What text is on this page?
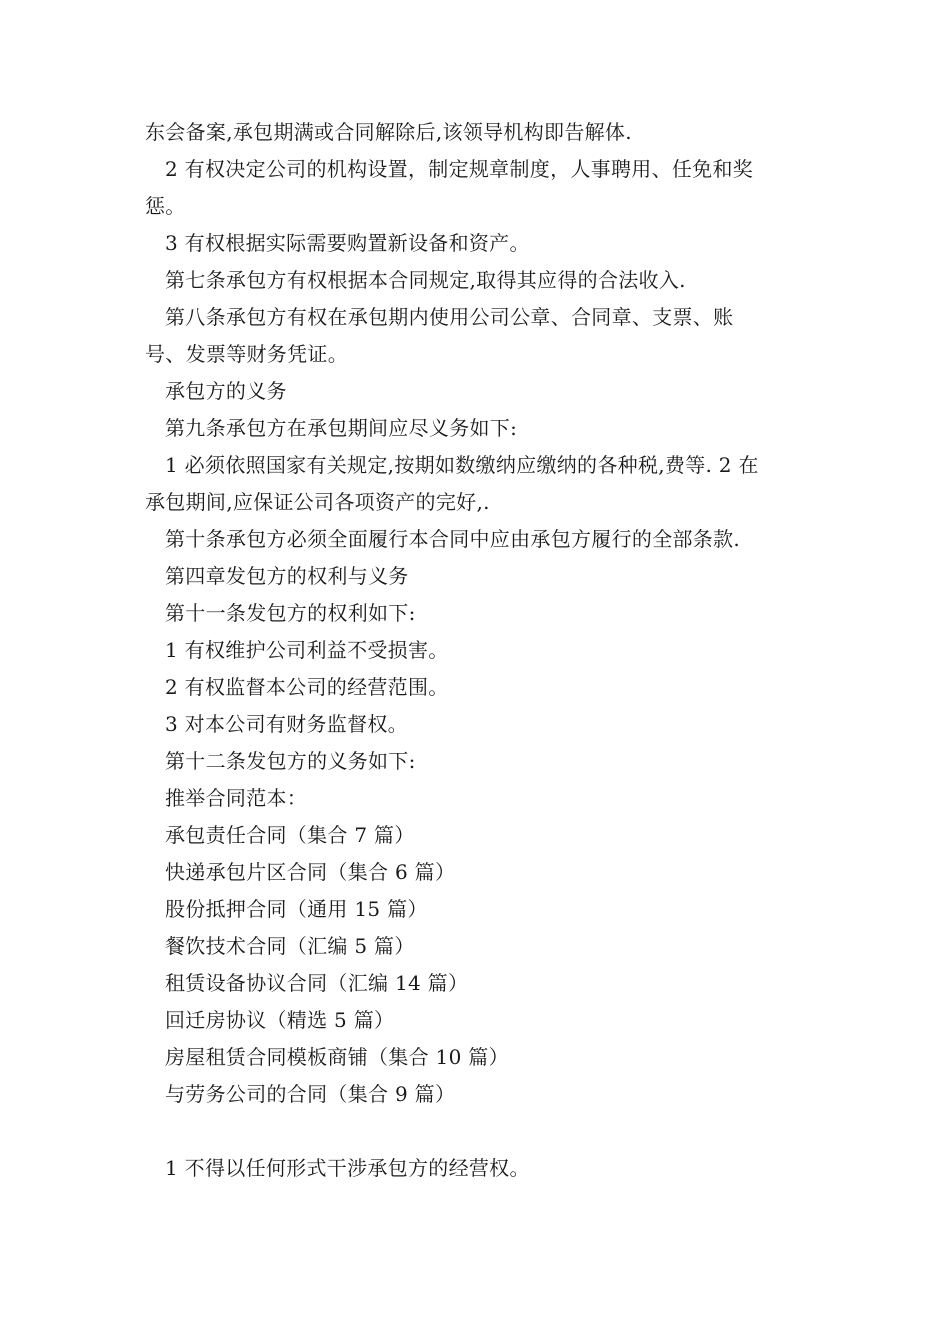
东会备案,承包期满或合同解除后,该领导机构即告解体.
2 有权决定公司的机构设置，制定规章制度，人事聘用、任免和奖
惩。
3 有权根据实际需要购置新设备和资产。
第七条承包方有权根据本合同规定,取得其应得的合法收入.
第八条承包方有权在承包期内使用公司公章、合同章、支票、账
号、发票等财务凭证。
承包方的义务
第九条承包方在承包期间应尽义务如下:
1 必须依照国家有关规定,按期如数缴纳应缴纳的各种税,费等. 2 在
承包期间,应保证公司各项资产的完好,.
第十条承包方必须全面履行本合同中应由承包方履行的全部条款.
第四章发包方的权利与义务
第十一条发包方的权利如下:
1 有权维护公司利益不受损害。
2 有权监督本公司的经营范围。
3 对本公司有财务监督权。
第十二条发包方的义务如下:
推举合同范本：
承包责任合同（集合 7 篇）
快递承包片区合同（集合 6 篇）
股份抵押合同（通用 15 篇）
餐饮技术合同（汇编 5 篇）
租赁设备协议合同（汇编 14 篇）
回迁房协议（精选 5 篇）
房屋租赁合同模板商铺（集合 10 篇）
与劳务公司的合同（集合 9 篇）
1 不得以任何形式干涉承包方的经营权。
